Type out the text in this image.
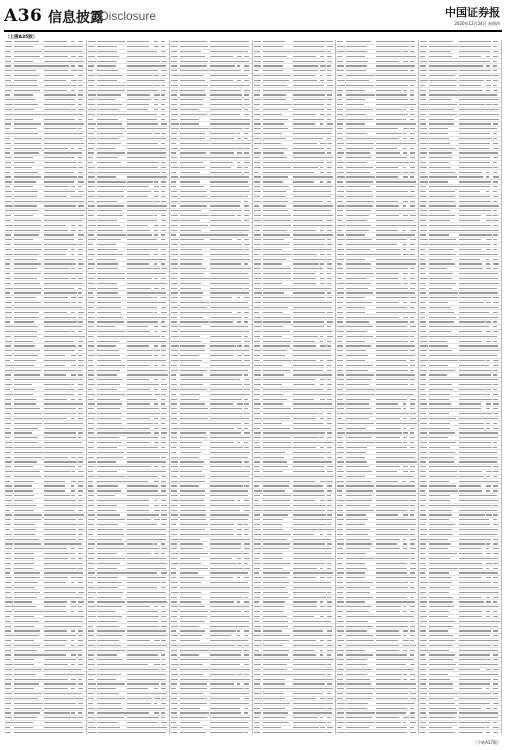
A36 信息披露
Disclosure	中国证券报
2020年12月24日 星期四
（上接A35版）
（下转A37版）
